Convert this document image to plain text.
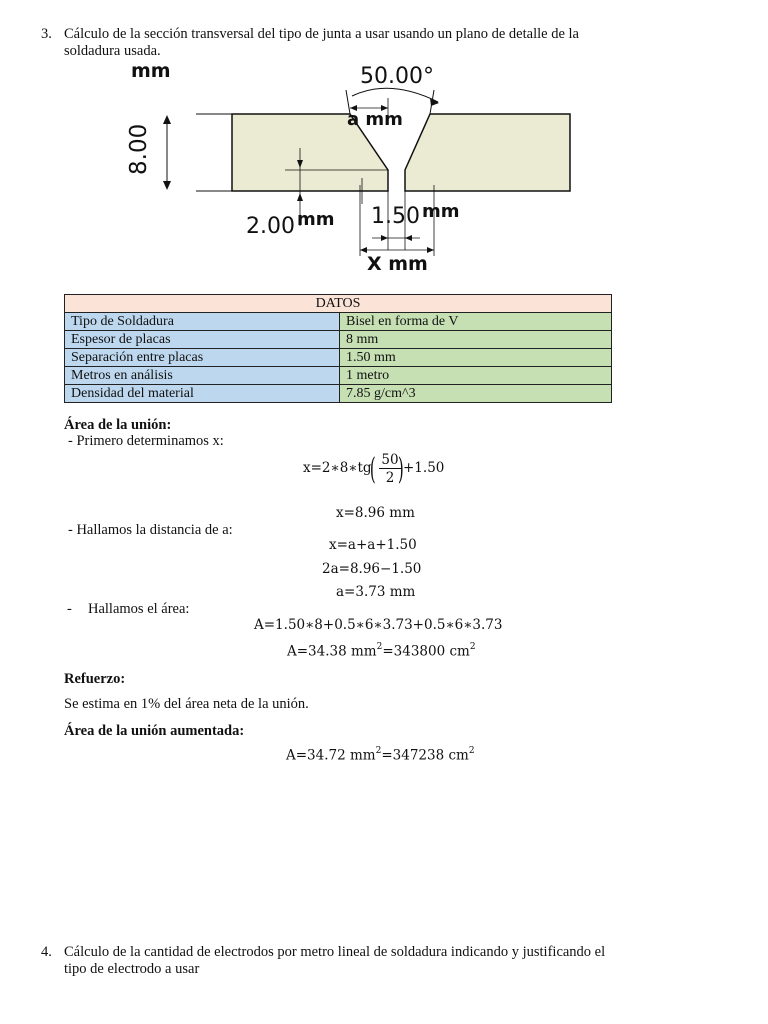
3. Cálculo de la sección transversal del tipo de junta a usar usando un plano de detalle de la
soldadura usada.
mm	50.00°
a mm
8.00
2.00 mm 1.50 mm
X mm
DATOS	
Tipo de Soldadura	Bisel en forma de V
Espesor de placas	8 mm
Separación entre placas	1.50 mm
Metros en análisis	1 metro
Densidad del material	7.85 g/cm^3
Área de la unión:
- Primero determinamos x:
x=2∗8∗tg
( 50
2 ) +1.50
x=8.96 mm
- Hallamos la distancia de a:
x=a+a+1.50
2a=8.96−1.50
a=3.73 mm
- Hallamos el área:
A=1.50∗8+0.5∗6∗3.73+0.5∗6∗3.73
A=34.38 $mm^2=343800$ $cm^2$
Refuerzo:
Se estima en 1% del área neta de la unión.
Área de la unión aumentada:
A=34.72 $mm^2=347238$ $cm^2$
4. Cálculo de la cantidad de electrodos por metro lineal de soldadura indicando y justificando el
tipo de electrodo a usar
